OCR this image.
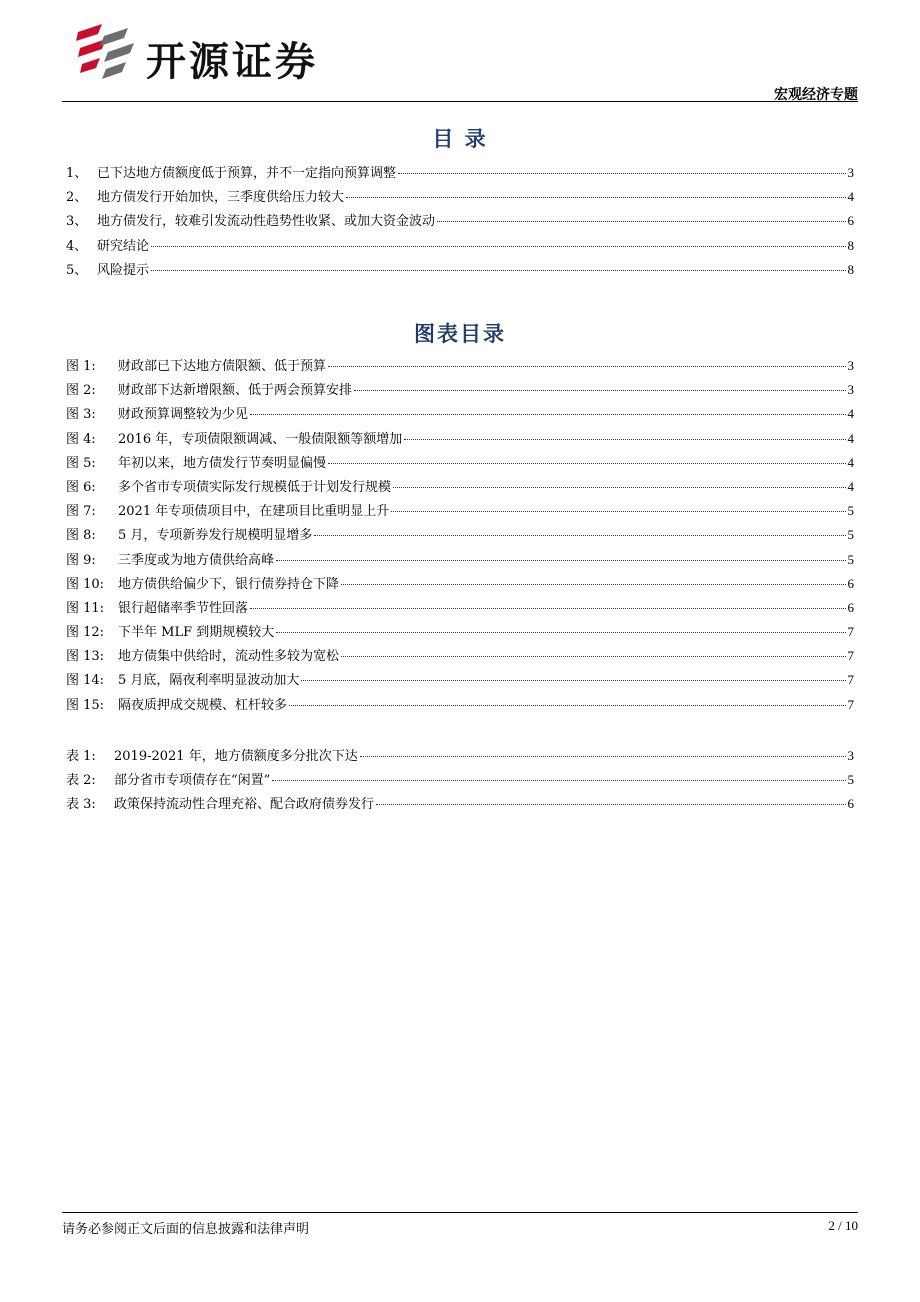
开源证券
宏观经济专题
目 录
1、 已下达地方债额度低于预算，并不一定指向预算调整	3
2、 地方债发行开始加快，三季度供给压力较大	4
3、 地方债发行，较难引发流动性趋势性收紧、或加大资金波动	6
4、 研究结论	8
5、 风险提示	8
图表目录
图 1:	财政部已下达地方债限额、低于预算	3
图 2:	财政部下达新增限额、低于两会预算安排	3
图 3:	财政预算调整较为少见	4
图 4:	2016 年，专项债限额调减、一般债限额等额增加	4
图 5:	年初以来，地方债发行节奏明显偏慢	4
图 6:	多个省市专项债实际发行规模低于计划发行规模	4
图 7:	2021 年专项债项目中，在建项目比重明显上升	5
图 8:	5 月，专项新券发行规模明显增多	5
图 9:	三季度或为地方债供给高峰	5
图 10:	地方债供给偏少下，银行债券持仓下降	6
图 11:	银行超储率季节性回落	6
图 12:	下半年 MLF 到期规模较大	7
图 13:	地方债集中供给时，流动性多较为宽松	7
图 14:	5 月底，隔夜利率明显波动加大	7
图 15:	隔夜质押成交规模、杠杆较多	7
表 1:	2019-2021 年，地方债额度多分批次下达	3
表 2:	部分省市专项债存在“闲置”	5
表 3:	政策保持流动性合理充裕、配合政府债券发行	6
请务必参阅正文后面的信息披露和法律声明	2 / 10
